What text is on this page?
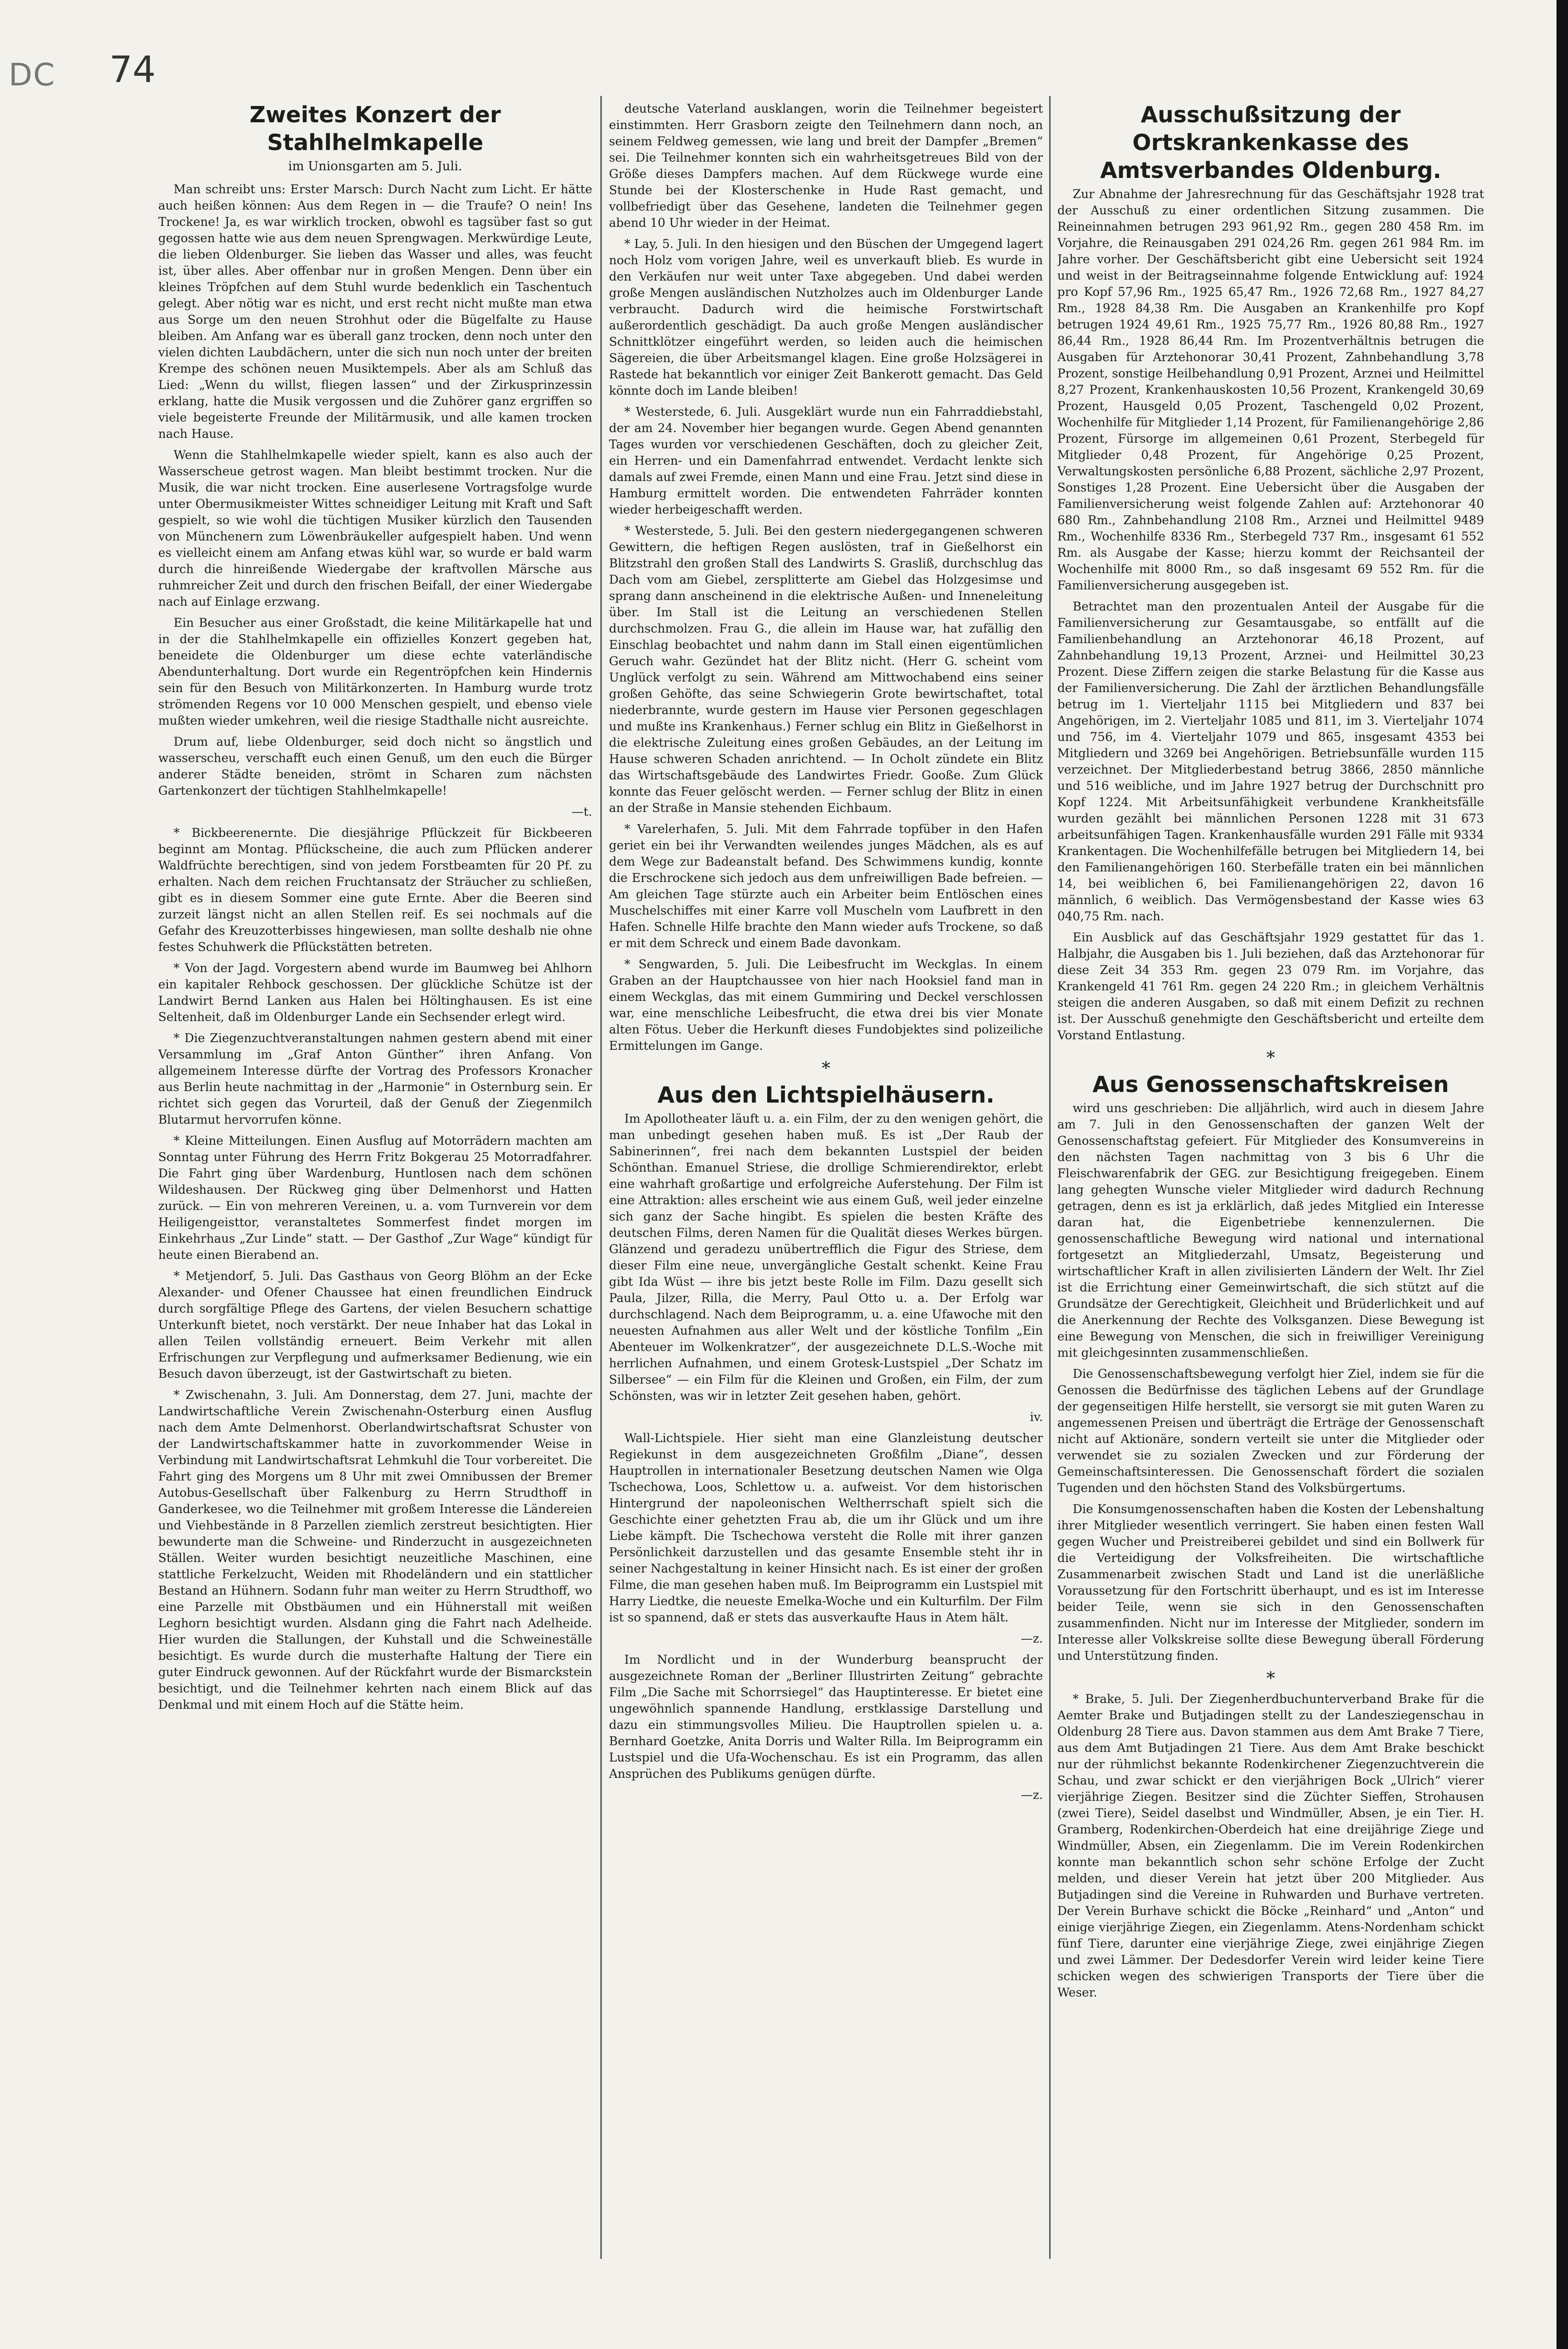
DC 74
Zweites Konzert der Stahlhelmkapelle
im Unionsgarten am 5. Juli.

Man schreibt uns: Erster Marsch: Durch Nacht zum Licht. Er hätte auch heißen können: Aus dem Regen in — die Traufe? O nein! Ins Trockene! Ja, es war wirklich trocken, obwohl es tagsüber fast so gut gegossen hatte wie aus dem neuen Sprengwagen. Merkwürdige Leute, die lieben Oldenburger. Sie lieben das Wasser und alles, was feucht ist, über alles. Aber offenbar nur in großen Mengen. Denn über ein kleines Tröpfchen auf dem Stuhl wurde bedenklich ein Taschentuch gelegt. Aber nötig war es nicht, und erst recht nicht mußte man etwa aus Sorge um den neuen Strohhut oder die Bügelfalte zu Hause bleiben. Am Anfang war es überall ganz trocken, denn noch unter den vielen dichten Laubdächern, unter die sich nun noch unter der breiten Krempe des schönen neuen Musiktempels. Aber als am Schluß das Lied: „Wenn du willst, fliegen lassen“ und der Zirkusprinzessin erklang, hatte die Musik vergossen und die Zuhörer ganz ergriffen so viele begeisterte Freunde der Militärmusik, und alle kamen trocken nach Hause.

Wenn die Stahlhelmkapelle wieder spielt, kann es also auch der Wasserscheue getrost wagen. Man bleibt bestimmt trocken. Nur die Musik, die war nicht trocken. Eine auserlesene Vortragsfolge wurde unter Obermusikmeister Wittes schneidiger Leitung mit Kraft und Saft gespielt, so wie wohl die tüchtigen Musiker kürzlich den Tausenden von Münchenern zum Löwenbräukeller aufgespielt haben. Und wenn es vielleicht einem am Anfang etwas kühl war, so wurde er bald warm durch die hinreißende Wiedergabe der kraftvollen Märsche aus ruhmreicher Zeit und durch den frischen Beifall, der einer Wiedergabe nach auf Einlage erzwang.

Ein Besucher aus einer Großstadt, die keine Militärkapelle hat und in der die Stahlhelmkapelle ein offizielles Konzert gegeben hat, beneidete die Oldenburger um diese echte vaterländische Abendunterhaltung. Dort wurde ein Regentröpfchen kein Hindernis sein für den Besuch von Militärkonzerten. In Hamburg wurde trotz strömenden Regens vor 10 000 Menschen gespielt, und ebenso viele mußten wieder umkehren, weil die riesige Stadthalle nicht ausreichte.

Drum auf, liebe Oldenburger, seid doch nicht so ängstlich und wasserscheu, verschafft euch einen Genuß, um den euch die Bürger anderer Städte beneiden, strömt in Scharen zum nächsten Gartenkonzert der tüchtigen Stahlhelmkapelle!

—t.

* Bickbeerenernte. Die diesjährige Pflückzeit für Bickbeeren beginnt am Montag. Pflückscheine, die auch zum Pflücken anderer Waldfrüchte berechtigen, sind von jedem Forstbeamten für 20 Pf. zu erhalten. Nach dem reichen Fruchtansatz der Sträucher zu schließen, gibt es in diesem Sommer eine gute Ernte. Aber die Beeren sind zurzeit längst nicht an allen Stellen reif. Es sei nochmals auf die Gefahr des Kreuzotterbisses hingewiesen, man sollte deshalb nie ohne festes Schuhwerk die Pflückstätten betreten.

* Von der Jagd. Vorgestern abend wurde im Baumweg bei Ahlhorn ein kapitaler Rehbock geschossen. Der glückliche Schütze ist der Landwirt Bernd Lanken aus Halen bei Höltinghausen. Es ist eine Seltenheit, daß im Oldenburger Lande ein Sechsender erlegt wird.

* Die Ziegenzuchtveranstaltungen nahmen gestern abend mit einer Versammlung im „Graf Anton Günther“ ihren Anfang. Von allgemeinem Interesse dürfte der Vortrag des Professors Kronacher aus Berlin heute nachmittag in der „Harmonie“ in Osternburg sein. Er richtet sich gegen das Vorurteil, daß der Genuß der Ziegenmilch Blutarmut hervorrufen könne.

* Kleine Mitteilungen. Einen Ausflug auf Motorrädern machten am Sonntag unter Führung des Herrn Fritz Bokgerau 25 Motorradfahrer. Die Fahrt ging über Wardenburg, Huntlosen nach dem schönen Wildeshausen. Der Rückweg ging über Delmenhorst und Hatten zurück. — Ein von mehreren Vereinen, u. a. vom Turnverein vor dem Heiligengeisttor, veranstaltetes Sommerfest findet morgen im Einkehrhaus „Zur Linde“ statt. — Der Gasthof „Zur Wage“ kündigt für heute einen Bierabend an.

* Metjendorf, 5. Juli. Das Gasthaus von Georg Blöhm an der Ecke Alexander- und Ofener Chaussee hat einen freundlichen Eindruck durch sorgfältige Pflege des Gartens, der vielen Besuchern schattige Unterkunft bietet, noch verstärkt. Der neue Inhaber hat das Lokal in allen Teilen vollständig erneuert. Beim Verkehr mit allen Erfrischungen zur Verpflegung und aufmerksamer Bedienung, wie ein Besuch davon überzeugt, ist der Gastwirtschaft zu bieten.

* Zwischenahn, 3. Juli. Am Donnerstag, dem 27. Juni, machte der Landwirtschaftliche Verein Zwischenahn-Osterburg einen Ausflug nach dem Amte Delmenhorst. Oberlandwirtschaftsrat Schuster von der Landwirtschaftskammer hatte in zuvorkommender Weise in Verbindung mit Landwirtschaftsrat Lehmkuhl die Tour vorbereitet. Die Fahrt ging des Morgens um 8 Uhr mit zwei Omnibussen der Bremer Autobus-Gesellschaft über Falkenburg zu Herrn Strudthoff in Ganderkesee, wo die Teilnehmer mit großem Interesse die Ländereien und Viehbestände in 8 Parzellen ziemlich zerstreut besichtigten. Hier bewunderte man die Schweine- und Rinderzucht in ausgezeichneten Ställen. Weiter wurden besichtigt neuzeitliche Maschinen, eine stattliche Ferkelzucht, Weiden mit Rhodeländern und ein stattlicher Bestand an Hühnern. Sodann fuhr man weiter zu Herrn Strudthoff, wo eine Parzelle mit Obstbäumen und ein Hühnerstall mit weißen Leghorn besichtigt wurden. Alsdann ging die Fahrt nach Adelheide. Hier wurden die Stallungen, der Kuhstall und die Schweineställe besichtigt. Es wurde durch die musterhafte Haltung der Tiere ein guter Eindruck gewonnen. Auf der Rückfahrt wurde der Bismarckstein besichtigt, und die Teilnehmer kehrten nach einem Blick auf das Denkmal und mit einem Hoch auf die Stätte heim.

deutsche Vaterland ausklangen, worin die Teilnehmer begeistert einstimmten. Herr Grasborn zeigte den Teilnehmern dann noch, an seinem Feldweg gemessen, wie lang und breit der Dampfer „Bremen“ sei. Die Teilnehmer konnten sich ein wahrheitsgetreues Bild von der Größe dieses Dampfers machen. Auf dem Rückwege wurde eine Stunde bei der Klosterschenke in Hude Rast gemacht, und vollbefriedigt über das Gesehene, landeten die Teilnehmer gegen abend 10 Uhr wieder in der Heimat.

* Lay, 5. Juli. In den hiesigen und den Büschen der Umgegend lagert noch Holz vom vorigen Jahre, weil es unverkauft blieb. Es wurde in den Verkäufen nur weit unter Taxe abgegeben. Und dabei werden große Mengen ausländischen Nutzholzes auch im Oldenburger Lande verbraucht. Dadurch wird die heimische Forstwirtschaft außerordentlich geschädigt. Da auch große Mengen ausländischer Schnittklötzer eingeführt werden, so leiden auch die heimischen Sägereien, die über Arbeitsmangel klagen. Eine große Holzsägerei in Rastede hat bekanntlich vor einiger Zeit Bankerott gemacht. Das Geld könnte doch im Lande bleiben!

* Westerstede, 6. Juli. Ausgeklärt wurde nun ein Fahrraddiebstahl, der am 24. November hier begangen wurde. Gegen Abend genannten Tages wurden vor verschiedenen Geschäften, doch zu gleicher Zeit, ein Herren- und ein Damenfahrrad entwendet. Verdacht lenkte sich damals auf zwei Fremde, einen Mann und eine Frau. Jetzt sind diese in Hamburg ermittelt worden. Die entwendeten Fahrräder konnten wieder herbeigeschafft werden.

* Westerstede, 5. Juli. Bei den gestern niedergegangenen schweren Gewittern, die heftigen Regen auslösten, traf in Gießelhorst ein Blitzstrahl den großen Stall des Landwirts S. Grasliß, durchschlug das Dach vom am Giebel, zersplitterte am Giebel das Holzgesimse und sprang dann anscheinend in die elektrische Außen- und Inneneleitung über. Im Stall ist die Leitung an verschiedenen Stellen durchschmolzen. Frau G., die allein im Hause war, hat zufällig den Einschlag beobachtet und nahm dann im Stall einen eigentümlichen Geruch wahr. Gezündet hat der Blitz nicht. (Herr G. scheint vom Unglück verfolgt zu sein. Während am Mittwochabend eins seiner großen Gehöfte, das seine Schwiegerin Grote bewirtschaftet, total niederbrannte, wurde gestern im Hause vier Personen gegeschlagen und mußte ins Krankenhaus.) Ferner schlug ein Blitz in Gießelhorst in die elektrische Zuleitung eines großen Gebäudes, an der Leitung im Hause schweren Schaden anrichtend. — In Ocholt zündete ein Blitz das Wirtschaftsgebäude des Landwirtes Friedr. Gooße. Zum Glück konnte das Feuer gelöscht werden. — Ferner schlug der Blitz in einen an der Straße in Mansie stehenden Eichbaum.

* Varelerhafen, 5. Juli. Mit dem Fahrrade topfüber in den Hafen geriet ein bei ihr Verwandten weilendes junges Mädchen, als es auf dem Wege zur Badeanstalt befand. Des Schwimmens kundig, konnte die Erschrockene sich jedoch aus dem unfreiwilligen Bade befreien. — Am gleichen Tage stürzte auch ein Arbeiter beim Entlöschen eines Muschelschiffes mit einer Karre voll Muscheln vom Laufbrett in den Hafen. Schnelle Hilfe brachte den Mann wieder aufs Trockene, so daß er mit dem Schreck und einem Bade davonkam.

* Sengwarden, 5. Juli. Die Leibesfrucht im Weckglas. In einem Graben an der Hauptchaussee von hier nach Hooksiel fand man in einem Weckglas, das mit einem Gummiring und Deckel verschlossen war, eine menschliche Leibesfrucht, die etwa drei bis vier Monate alten Fötus. Ueber die Herkunft dieses Fundobjektes sind polizeiliche Ermittelungen im Gange.

*
Aus den Lichtspielhäusern.

Im Apollotheater läuft u. a. ein Film, der zu den wenigen gehört, die man unbedingt gesehen haben muß. Es ist „Der Raub der Sabinerinnen“, frei nach dem bekannten Lustspiel der beiden Schönthan. Emanuel Striese, die drollige Schmierendirektor, erlebt eine wahrhaft großartige und erfolgreiche Auferstehung. Der Film ist eine Attraktion: alles erscheint wie aus einem Guß, weil jeder einzelne sich ganz der Sache hingibt. Es spielen die besten Kräfte des deutschen Films, deren Namen für die Qualität dieses Werkes bürgen. Glänzend und geradezu unübertrefflich die Figur des Striese, dem dieser Film eine neue, unvergängliche Gestalt schenkt. Keine Frau gibt Ida Wüst — ihre bis jetzt beste Rolle im Film. Dazu gesellt sich Paula, Jilzer, Rilla, die Merry, Paul Otto u. a. Der Erfolg war durchschlagend. Nach dem Beiprogramm, u. a. eine Ufawoche mit den neuesten Aufnahmen aus aller Welt und der köstliche Tonfilm „Ein Abenteuer im Wolkenkratzer“, der ausgezeichnete D.L.S.-Woche mit herrlichen Aufnahmen, und einem Grotesk-Lustspiel „Der Schatz im Silbersee“ — ein Film für die Kleinen und Großen, ein Film, der zum Schönsten, was wir in letzter Zeit gesehen haben, gehört.

iv.

Wall-Lichtspiele. Hier sieht man eine Glanzleistung deutscher Regiekunst in dem ausgezeichneten Großfilm „Diane“, dessen Hauptrollen in internationaler Besetzung deutschen Namen wie Olga Tschechowa, Loos, Schlettow u. a. aufweist. Vor dem historischen Hintergrund der napoleonischen Weltherrschaft spielt sich die Geschichte einer gehetzten Frau ab, die um ihr Glück und um ihre Liebe kämpft. Die Tschechowa versteht die Rolle mit ihrer ganzen Persönlichkeit darzustellen und das gesamte Ensemble steht ihr in seiner Nachgestaltung in keiner Hinsicht nach. Es ist einer der großen Filme, die man gesehen haben muß. Im Beiprogramm ein Lustspiel mit Harry Liedtke, die neueste Emelka-Woche und ein Kulturfilm. Der Film ist so spannend, daß er stets das ausverkaufte Haus in Atem hält.

—z.

Im Nordlicht und in der Wunderburg beansprucht der ausgezeichnete Roman der „Berliner Illustrirten Zeitung“ gebrachte Film „Die Sache mit Schorrsiegel“ das Hauptinteresse. Er bietet eine ungewöhnlich spannende Handlung, erstklassige Darstellung und dazu ein stimmungsvolles Milieu. Die Hauptrollen spielen u. a. Bernhard Goetzke, Anita Dorris und Walter Rilla. Im Beiprogramm ein Lustspiel und die Ufa-Wochenschau. Es ist ein Programm, das allen Ansprüchen des Publikums genügen dürfte.

—z.
Ausschußsitzung der Ortskrankenkasse des Amtsverbandes Oldenburg.

Zur Abnahme der Jahresrechnung für das Geschäftsjahr 1928 trat der Ausschuß zu einer ordentlichen Sitzung zusammen. Die Reineinnahmen betrugen 293 961,92 Rm., gegen 280 458 Rm. im Vorjahre, die Reinausgaben 291 024,26 Rm. gegen 261 984 Rm. im Jahre vorher. Der Geschäftsbericht gibt eine Uebersicht seit 1924 und weist in der Beitragseinnahme folgende Entwicklung auf: 1924 pro Kopf 57,96 Rm., 1925 65,47 Rm., 1926 72,68 Rm., 1927 84,27 Rm., 1928 84,38 Rm. Die Ausgaben an Krankenhilfe pro Kopf betrugen 1924 49,61 Rm., 1925 75,77 Rm., 1926 80,88 Rm., 1927 86,44 Rm., 1928 86,44 Rm. Im Prozentverhältnis betrugen die Ausgaben für Arztehonorar 30,41 Prozent, Zahnbehandlung 3,78 Prozent, sonstige Heilbehandlung 0,91 Prozent, Arznei und Heilmittel 8,27 Prozent, Krankenhauskosten 10,56 Prozent, Krankengeld 30,69 Prozent, Hausgeld 0,05 Prozent, Taschengeld 0,02 Prozent, Wochenhilfe für Mitglieder 1,14 Prozent, für Familienangehörige 2,86 Prozent, Fürsorge im allgemeinen 0,61 Prozent, Sterbegeld für Mitglieder 0,48 Prozent, für Angehörige 0,25 Prozent, Verwaltungskosten persönliche 6,88 Prozent, sächliche 2,97 Prozent, Sonstiges 1,28 Prozent. Eine Uebersicht über die Ausgaben der Familienversicherung weist folgende Zahlen auf: Arztehonorar 40 680 Rm., Zahnbehandlung 2108 Rm., Arznei und Heilmittel 9489 Rm., Wochenhilfe 8336 Rm., Sterbegeld 737 Rm., insgesamt 61 552 Rm. als Ausgabe der Kasse; hierzu kommt der Reichsanteil der Wochenhilfe mit 8000 Rm., so daß insgesamt 69 552 Rm. für die Familienversicherung ausgegeben ist.

Betrachtet man den prozentualen Anteil der Ausgabe für die Familienversicherung zur Gesamtausgabe, so entfällt auf die Familienbehandlung an Arztehonorar 46,18 Prozent, auf Zahnbehandlung 19,13 Prozent, Arznei- und Heilmittel 30,23 Prozent. Diese Ziffern zeigen die starke Belastung für die Kasse aus der Familienversicherung. Die Zahl der ärztlichen Behandlungsfälle betrug im 1. Vierteljahr 1115 bei Mitgliedern und 837 bei Angehörigen, im 2. Vierteljahr 1085 und 811, im 3. Vierteljahr 1074 und 756, im 4. Vierteljahr 1079 und 865, insgesamt 4353 bei Mitgliedern und 3269 bei Angehörigen. Betriebsunfälle wurden 115 verzeichnet. Der Mitgliederbestand betrug 3866, 2850 männliche und 516 weibliche, und im Jahre 1927 betrug der Durchschnitt pro Kopf 1224. Mit Arbeitsunfähigkeit verbundene Krankheitsfälle wurden gezählt bei männlichen Personen 1228 mit 31 673 arbeitsunfähigen Tagen. Krankenhausfälle wurden 291 Fälle mit 9334 Krankentagen. Die Wochenhilfefälle betrugen bei Mitgliedern 14, bei den Familienangehörigen 160. Sterbefälle traten ein bei männlichen 14, bei weiblichen 6, bei Familienangehörigen 22, davon 16 männlich, 6 weiblich. Das Vermögensbestand der Kasse wies 63 040,75 Rm. nach.

Ein Ausblick auf das Geschäftsjahr 1929 gestattet für das 1. Halbjahr, die Ausgaben bis 1. Juli beziehen, daß das Arztehonorar für diese Zeit 34 353 Rm. gegen 23 079 Rm. im Vorjahre, das Krankengeld 41 761 Rm. gegen 24 220 Rm.; in gleichem Verhältnis steigen die anderen Ausgaben, so daß mit einem Defizit zu rechnen ist. Der Ausschuß genehmigte den Geschäftsbericht und erteilte dem Vorstand Entlastung.

*
Aus Genossenschaftskreisen

wird uns geschrieben: Die alljährlich, wird auch in diesem Jahre am 7. Juli in den Genossenschaften der ganzen Welt der Genossenschaftstag gefeiert. Für Mitglieder des Konsumvereins in den nächsten Tagen nachmittag von 3 bis 6 Uhr die Fleischwarenfabrik der GEG. zur Besichtigung freigegeben. Einem lang gehegten Wunsche vieler Mitglieder wird dadurch Rechnung getragen, denn es ist ja erklärlich, daß jedes Mitglied ein Interesse daran hat, die Eigenbetriebe kennenzulernen. Die genossenschaftliche Bewegung wird national und international fortgesetzt an Mitgliederzahl, Umsatz, Begeisterung und wirtschaftlicher Kraft in allen zivilisierten Ländern der Welt. Ihr Ziel ist die Errichtung einer Gemeinwirtschaft, die sich stützt auf die Grundsätze der Gerechtigkeit, Gleichheit und Brüderlichkeit und auf die Anerkennung der Rechte des Volksganzen. Diese Bewegung ist eine Bewegung von Menschen, die sich in freiwilliger Vereinigung mit gleichgesinnten zusammenschließen.

Die Genossenschaftsbewegung verfolgt hier Ziel, indem sie für die Genossen die Bedürfnisse des täglichen Lebens auf der Grundlage der gegenseitigen Hilfe herstellt, sie versorgt sie mit guten Waren zu angemessenen Preisen und überträgt die Erträge der Genossenschaft nicht auf Aktionäre, sondern verteilt sie unter die Mitglieder oder verwendet sie zu sozialen Zwecken und zur Förderung der Gemeinschaftsinteressen. Die Genossenschaft fördert die sozialen Tugenden und den höchsten Stand des Volksbürgertums.

Die Konsumgenossenschaften haben die Kosten der Lebenshaltung ihrer Mitglieder wesentlich verringert. Sie haben einen festen Wall gegen Wucher und Preistreiberei gebildet und sind ein Bollwerk für die Verteidigung der Volksfreiheiten. Die wirtschaftliche Zusammenarbeit zwischen Stadt und Land ist die unerläßliche Voraussetzung für den Fortschritt überhaupt, und es ist im Interesse beider Teile, wenn sie sich in den Genossenschaften zusammenfinden. Nicht nur im Interesse der Mitglieder, sondern im Interesse aller Volkskreise sollte diese Bewegung überall Förderung und Unterstützung finden.

*

* Brake, 5. Juli. Der Ziegenherdbuchunterverband Brake für die Aemter Brake und Butjadingen stellt zu der Landesziegenschau in Oldenburg 28 Tiere aus. Davon stammen aus dem Amt Brake 7 Tiere, aus dem Amt Butjadingen 21 Tiere. Aus dem Amt Brake beschickt nur der rühmlichst bekannte Rodenkirchener Ziegenzuchtverein die Schau, und zwar schickt er den vierjährigen Bock „Ulrich“ vierer vierjährige Ziegen. Besitzer sind die Züchter Sieffen, Strohausen (zwei Tiere), Seidel daselbst und Windmüller, Absen, je ein Tier. H. Gramberg, Rodenkirchen-Oberdeich hat eine dreijährige Ziege und Windmüller, Absen, ein Ziegenlamm. Die im Verein Rodenkirchen konnte man bekanntlich schon sehr schöne Erfolge der Zucht melden, und dieser Verein hat jetzt über 200 Mitglieder. Aus Butjadingen sind die Vereine in Ruhwarden und Burhave vertreten. Der Verein Burhave schickt die Böcke „Reinhard“ und „Anton“ und einige vierjährige Ziegen, ein Ziegenlamm. Atens-Nordenham schickt fünf Tiere, darunter eine vierjährige Ziege, zwei einjährige Ziegen und zwei Lämmer. Der Dedesdorfer Verein wird leider keine Tiere schicken wegen des schwierigen Transports der Tiere über die Weser.
